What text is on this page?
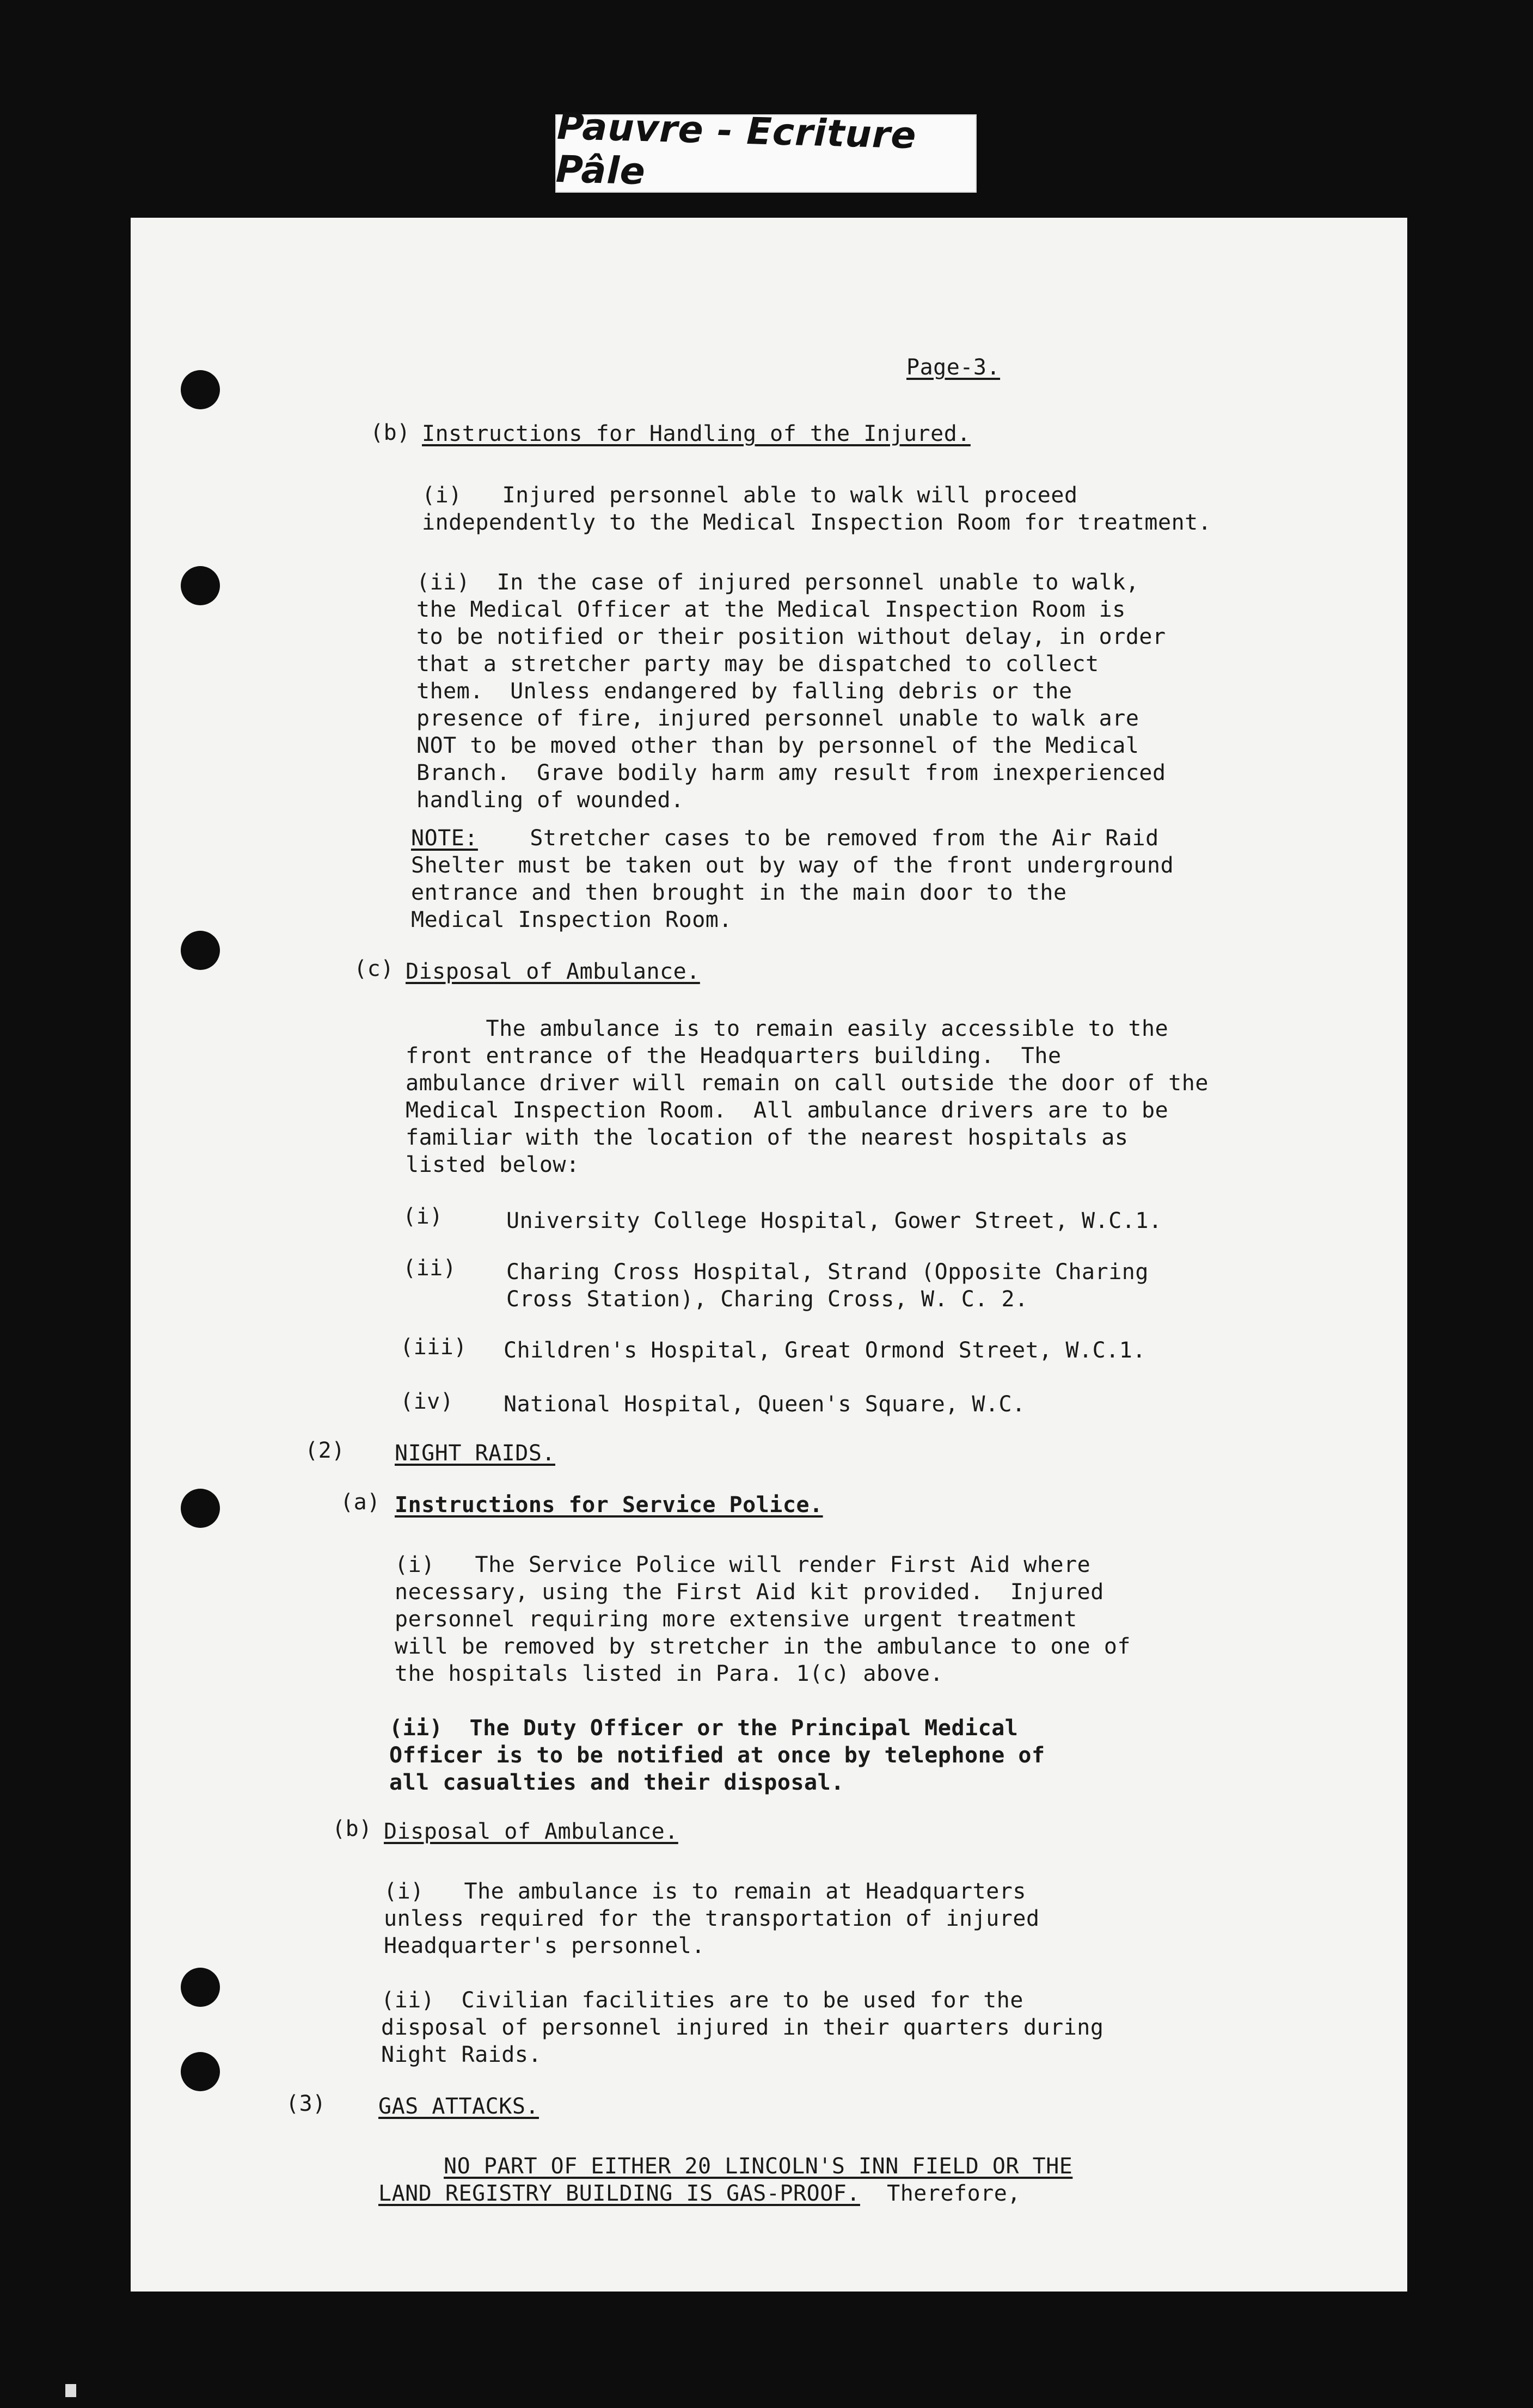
Pauvre - Ecriture Pâle
Page-3.
(b) Instructions for Handling of the Injured.
(i)   Injured personnel able to walk will proceed
independently to the Medical Inspection Room for treatment.
(ii)  In the case of injured personnel unable to walk,
the Medical Officer at the Medical Inspection Room is
to be notified or their position without delay, in order
that a stretcher party may be dispatched to collect
them.  Unless endangered by falling debris or the
presence of fire, injured personnel unable to walk are
NOT to be moved other than by personnel of the Medical
Branch.  Grave bodily harm amy result from inexperienced
handling of wounded.
NOTE:
Stretcher cases to be removed from the Air Raid
Shelter must be taken out by way of the front underground
entrance and then brought in the main door to the
Medical Inspection Room.
(c) Disposal of Ambulance.
The ambulance is to remain easily accessible to the
front entrance of the Headquarters building.  The
ambulance driver will remain on call outside the door of the
Medical Inspection Room.  All ambulance drivers are to be
familiar with the location of the nearest hospitals as
listed below:
(i)	University College Hospital, Gower Street, W.C.1.
(ii) Charing Cross Hospital, Strand (Opposite Charing
Cross Station), Charing Cross, W. C. 2.
(iii) Children's Hospital, Great Ormond Street, W.C.1.
(iv) National Hospital, Queen's Square, W.C.
(2) NIGHT RAIDS.
(a) Instructions for Service Police.
(i)   The Service Police will render First Aid where
necessary, using the First Aid kit provided.  Injured
personnel requiring more extensive urgent treatment
will be removed by stretcher in the ambulance to one of
the hospitals listed in Para. 1(c) above.
(ii)  The Duty Officer or the Principal Medical
Officer is to be notified at once by telephone of
all casualties and their disposal.
(b) Disposal of Ambulance.
(i)   The ambulance is to remain at Headquarters
unless required for the transportation of injured
Headquarter's personnel.
(ii)  Civilian facilities are to be used for the
disposal of personnel injured in their quarters during
Night Raids.
(3) GAS ATTACKS.
NO PART OF EITHER 20 LINCOLN'S INN FIELD OR THE
LAND REGISTRY BUILDING IS GAS-PROOF.  Therefore,
